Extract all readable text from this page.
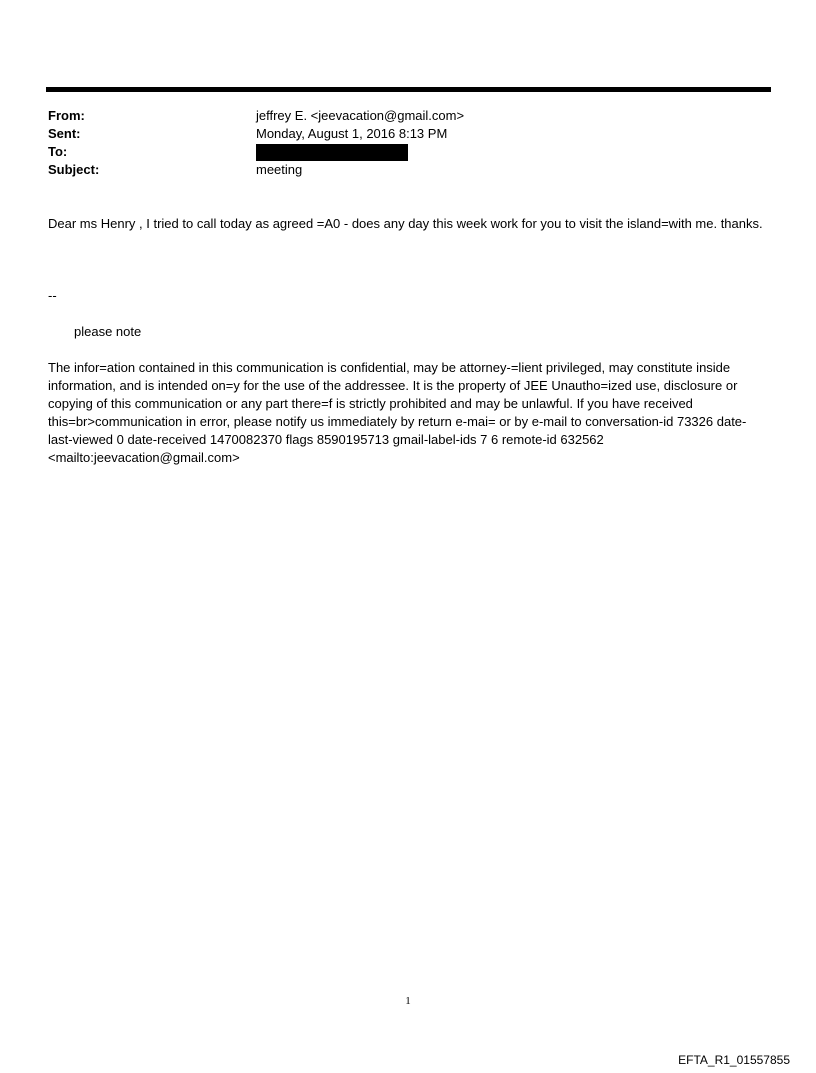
From:	jeffrey E. <jeevacation@gmail.com>
Sent:	Monday, August 1, 2016 8:13 PM
To:
Subject:	meeting
Dear ms Henry , I tried to call today as agreed =A0 - does any day this week work for you to visit the island=with me. thanks.
--
please note
The infor=ation contained in this communication is confidential, may be attorney-=lient privileged, may constitute inside information, and is intended on=y for the use of the addressee. It is the property of JEE Unautho=ized use, disclosure or copying of this communication or any part there=f is strictly prohibited and may be unlawful. If you have received this=br>communication in error, please notify us immediately by return e-mai= or by e-mail to conversation-id 73326 date-last-viewed 0 date-received 1470082370 flags 8590195713 gmail-label-ids 7 6 remote-id 632562 <mailto:jeevacation@gmail.com>
1
EFTA_R1_01557855
